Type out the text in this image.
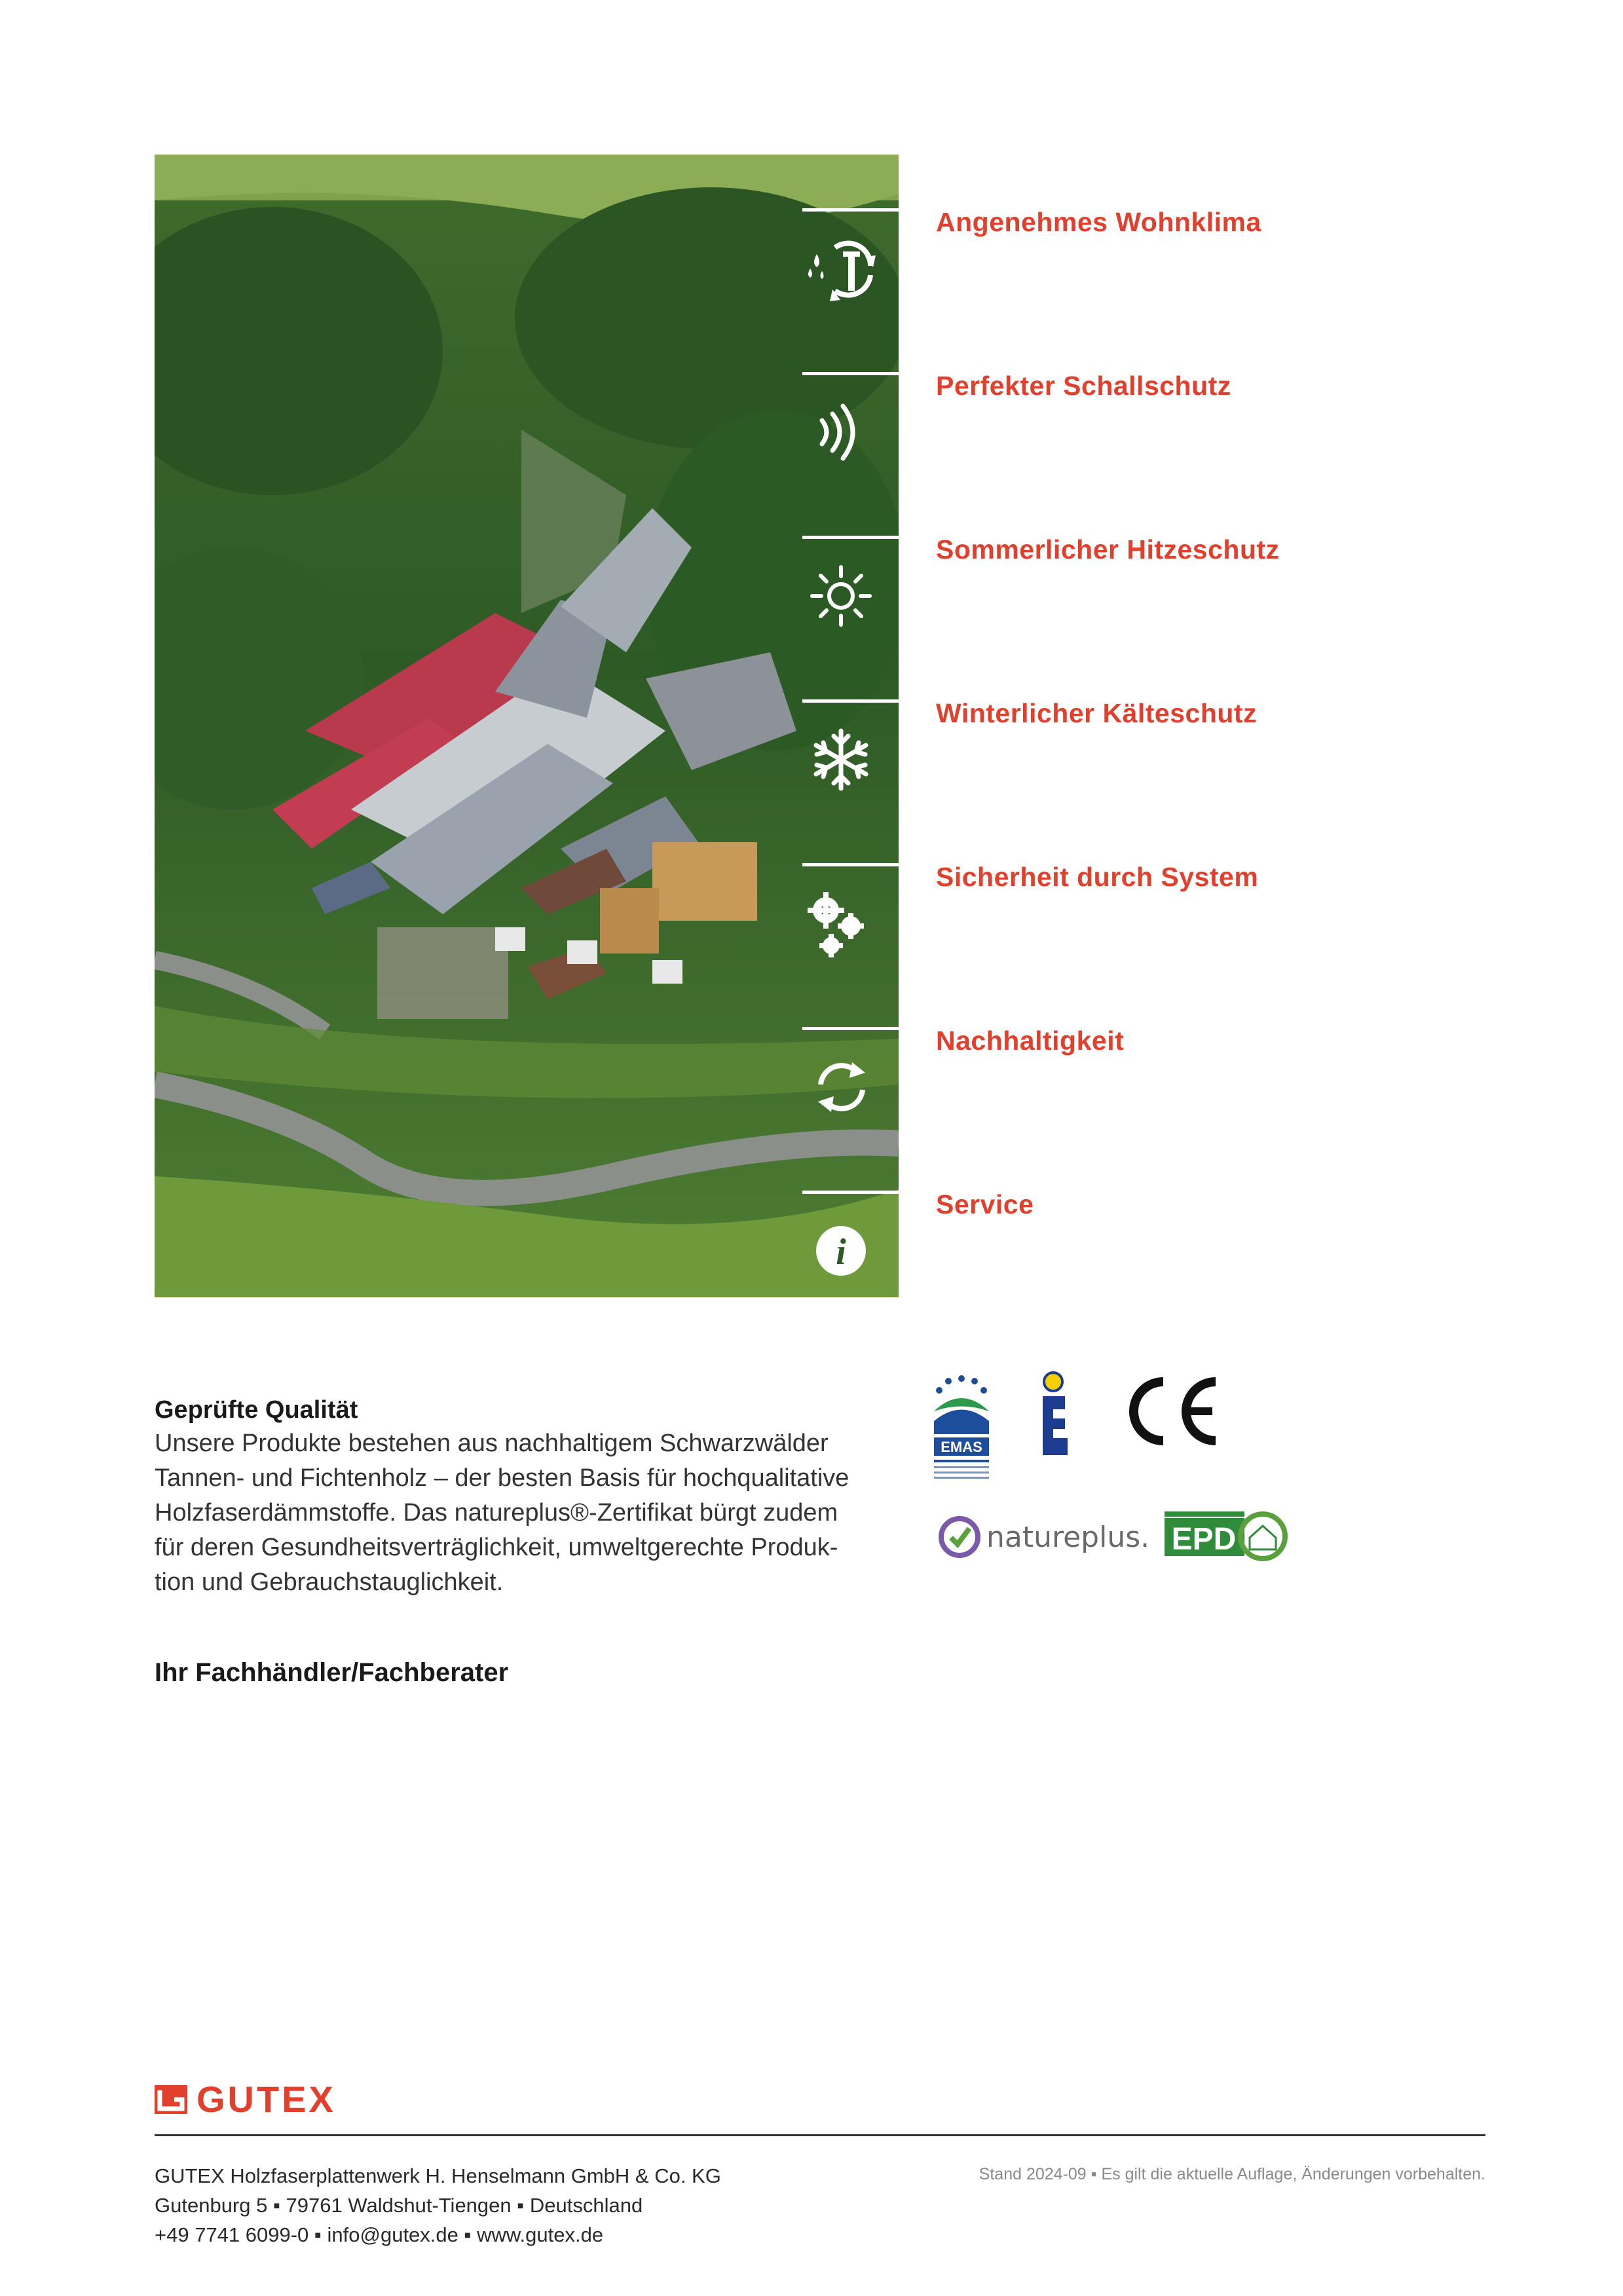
Angenehmes Wohnklima
Perfekter Schallschutz
Sommerlicher Hitzeschutz
Winterlicher Kälteschutz
Sicherheit durch System
Nachhaltigkeit
i
Service
Geprüfte Qualität

Unsere Produkte bestehen aus nachhaltigem Schwarzwälder

Tannen- und Fichtenholz – der besten Basis für hochqualitative

Holzfaserdämmstoffe. Das natureplus®-Zertifikat bürgt zudem

für deren Gesundheitsverträglichkeit, umweltgerechte Produk-

tion und Gebrauchstauglichkeit.

EMAS
CE
natureplus. EPD
Ihr Fachhändler/Fachberater
GUTEX
GUTEX Holzfaserplattenwerk H. Henselmann GmbH & Co. KG
Gutenburg 5 ▪ 79761 Waldshut-Tiengen ▪ Deutschland
+49 7741 6099-0 ▪ info@gutex.de ▪ www.gutex.de
Stand 2024-09 ▪ Es gilt die aktuelle Auflage, Änderungen vorbehalten.
